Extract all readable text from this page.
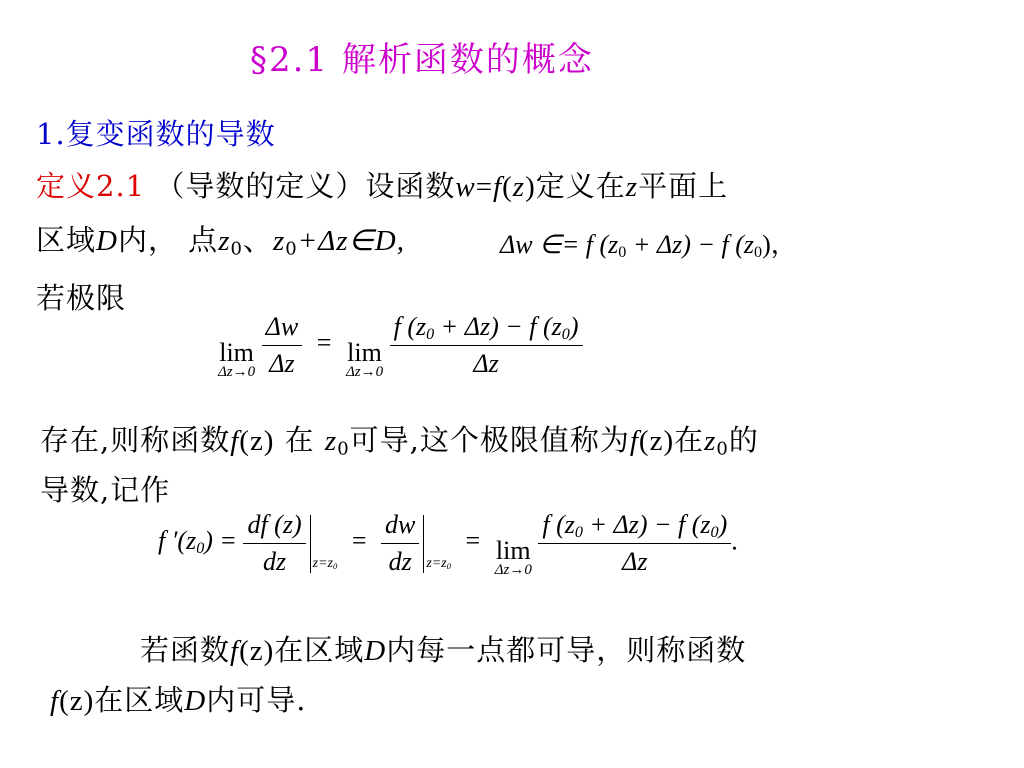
§2.1 解析函数的概念
1.复变函数的导数
定义2.1 （导数的定义）设函数w=f(z)定义在z平面上
区域D内， 点$z_0$、$z_0+\Delta z\in D$,	Δw ∈= f $(z_0 + \Delta z) - f$ $(z_0)$，
若极限
lim
Δz→0
$\frac{\Delta w}{\Delta z} = \lim$
Δz→0
$\frac{f (z_0 + \Delta z) - f (z_0)}{\Delta z}$
存在,则称函数f(z) 在 $z_0$可导,这个极限值称为f(z)在$z_0$的
导数,记作
f $'(z_0) = \frac{df (z)}{dz} _{z=z_0} = \frac{dw}{dz} _{z=z_0} = \lim$
Δz→0
$\frac{f (z_0 + \Delta z) - f (z_0)}{\Delta z}$ .
若函数f(z)在区域D内每一点都可导，则称函数
f(z)在区域D内可导.
